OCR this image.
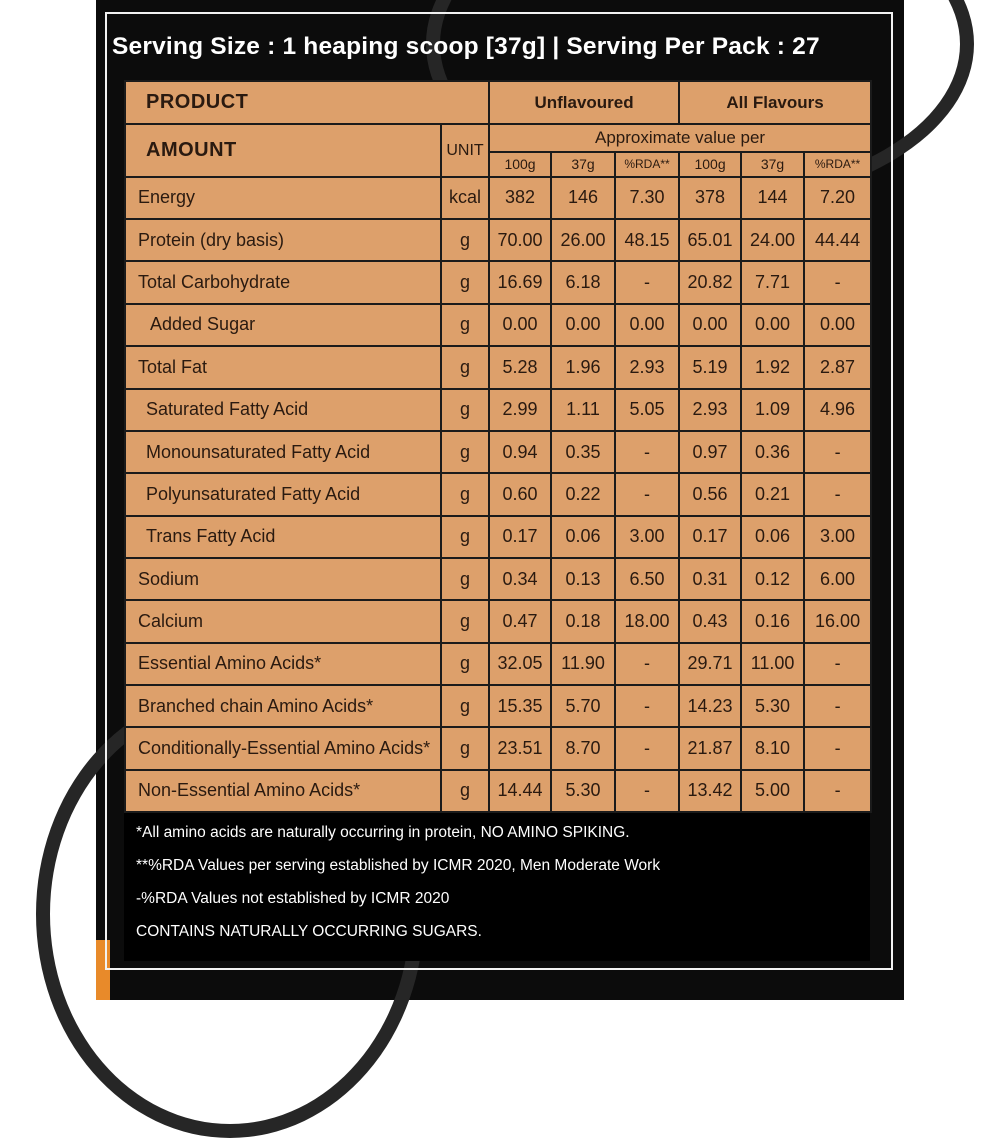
Serving Size : 1 heaping scoop [37g] | Serving Per Pack : 27
PRODUCT		Unflavoured			All Flavours		
AMOUNT	UNIT	Approximate value per					
		100g	37g	%RDA**	100g	37g	%RDA**
Energy	kcal	382	146	7.30	378	144	7.20
Protein (dry basis)	g	70.00	26.00	48.15	65.01	24.00	44.44
Total Carbohydrate	g	16.69	6.18	-	20.82	7.71	-
Added Sugar	g	0.00	0.00	0.00	0.00	0.00	0.00
Total Fat	g	5.28	1.96	2.93	5.19	1.92	2.87
Saturated Fatty Acid	g	2.99	1.11	5.05	2.93	1.09	4.96
Monounsaturated Fatty Acid	g	0.94	0.35	-	0.97	0.36	-
Polyunsaturated Fatty Acid	g	0.60	0.22	-	0.56	0.21	-
Trans Fatty Acid	g	0.17	0.06	3.00	0.17	0.06	3.00
Sodium	g	0.34	0.13	6.50	0.31	0.12	6.00
Calcium	g	0.47	0.18	18.00	0.43	0.16	16.00
Essential Amino Acids*	g	32.05	11.90	-	29.71	11.00	-
Branched chain Amino Acids*	g	15.35	5.70	-	14.23	5.30	-
Conditionally-Essential Amino Acids*	g	23.51	8.70	-	21.87	8.10	-
Non-Essential Amino Acids*	g	14.44	5.30	-	13.42	5.00	-
*All amino acids are naturally occurring in protein, NO AMINO SPIKING.
**%RDA Values per serving established by ICMR 2020, Men Moderate Work
-%RDA Values not established by ICMR 2020
CONTAINS NATURALLY OCCURRING SUGARS.
